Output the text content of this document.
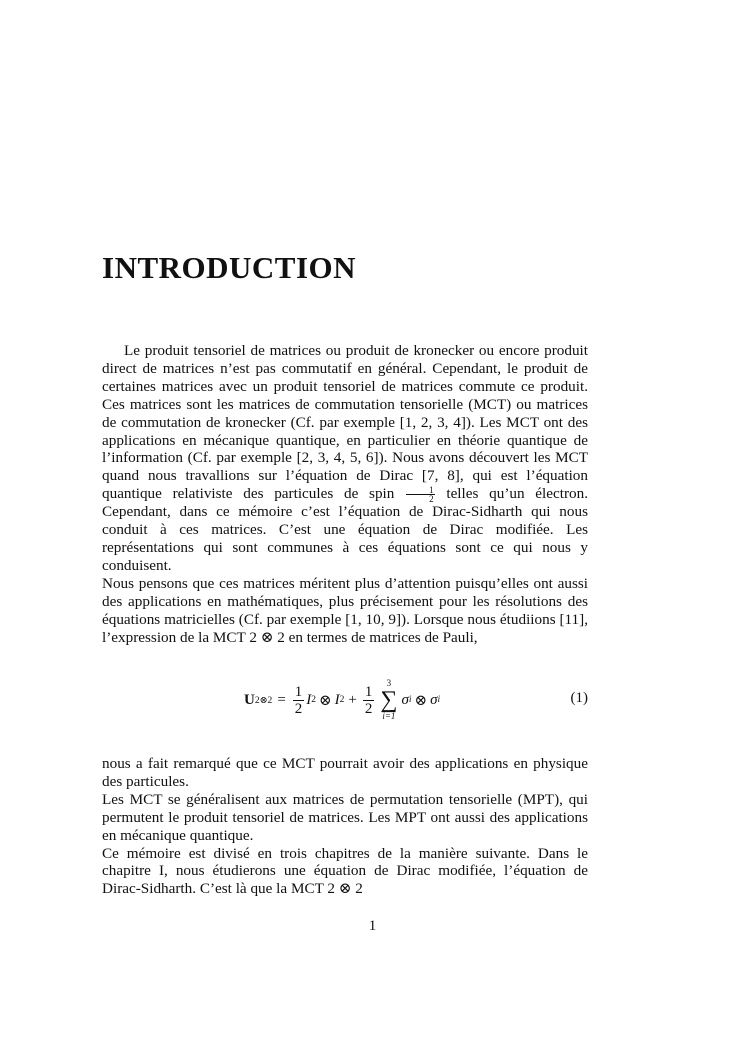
INTRODUCTION

Le produit tensoriel de matrices ou produit de kronecker ou encore produit direct de matrices n’est pas commutatif en général. Cependant, le produit de certaines matrices avec un produit tensoriel de matrices commute ce produit. Ces matrices sont les matrices de commutation tensorielle (MCT) ou matrices de commutation de kronecker (Cf. par exemple [1, 2, 3, 4]). Les MCT ont des applications en mécanique quantique, en particulier en théorie quantique de l’information (Cf. par exemple [2, 3, 4, 5, 6]). Nous avons découvert les MCT quand nous travallions sur l’équation de Dirac [7, 8], qui est l’équation quantique relativiste des particules de spin $\frac{1}{2}$ telles qu’un électron. Cependant, dans ce mémoire c’est l’équation de Dirac-Sidharth qui nous conduit à ces matrices. C’est une équation de Dirac modifiée. Les représentations qui sont communes à ces équations sont ce qui nous y conduisent.

Nous pensons que ces matrices méritent plus d’attention puisqu’elles ont aussi des applications en mathématiques, plus précisement pour les résolutions des équations matricielles (Cf. par exemple [1, 10, 9]). Lorsque nous étudiions [11], l’expression de la MCT 2 ⊗ 2 en termes de matrices de Pauli,

U 2⊗2 = $\frac{1}{2}$ I 2 ⊗ I $2 + \frac{1}{2}$
3
∑
i=1
σ i ⊗ σ i	(1)

nous a fait remarqué que ce MCT pourrait avoir des applications en physique des particules.

Les MCT se généralisent aux matrices de permutation tensorielle (MPT), qui permutent le produit tensoriel de matrices. Les MPT ont aussi des applications en mécanique quantique.

Ce mémoire est divisé en trois chapitres de la manière suivante. Dans le chapitre I, nous étudierons une équation de Dirac modifiée, l’équation de Dirac-Sidharth. C’est là que la MCT 2 ⊗ 2

1
